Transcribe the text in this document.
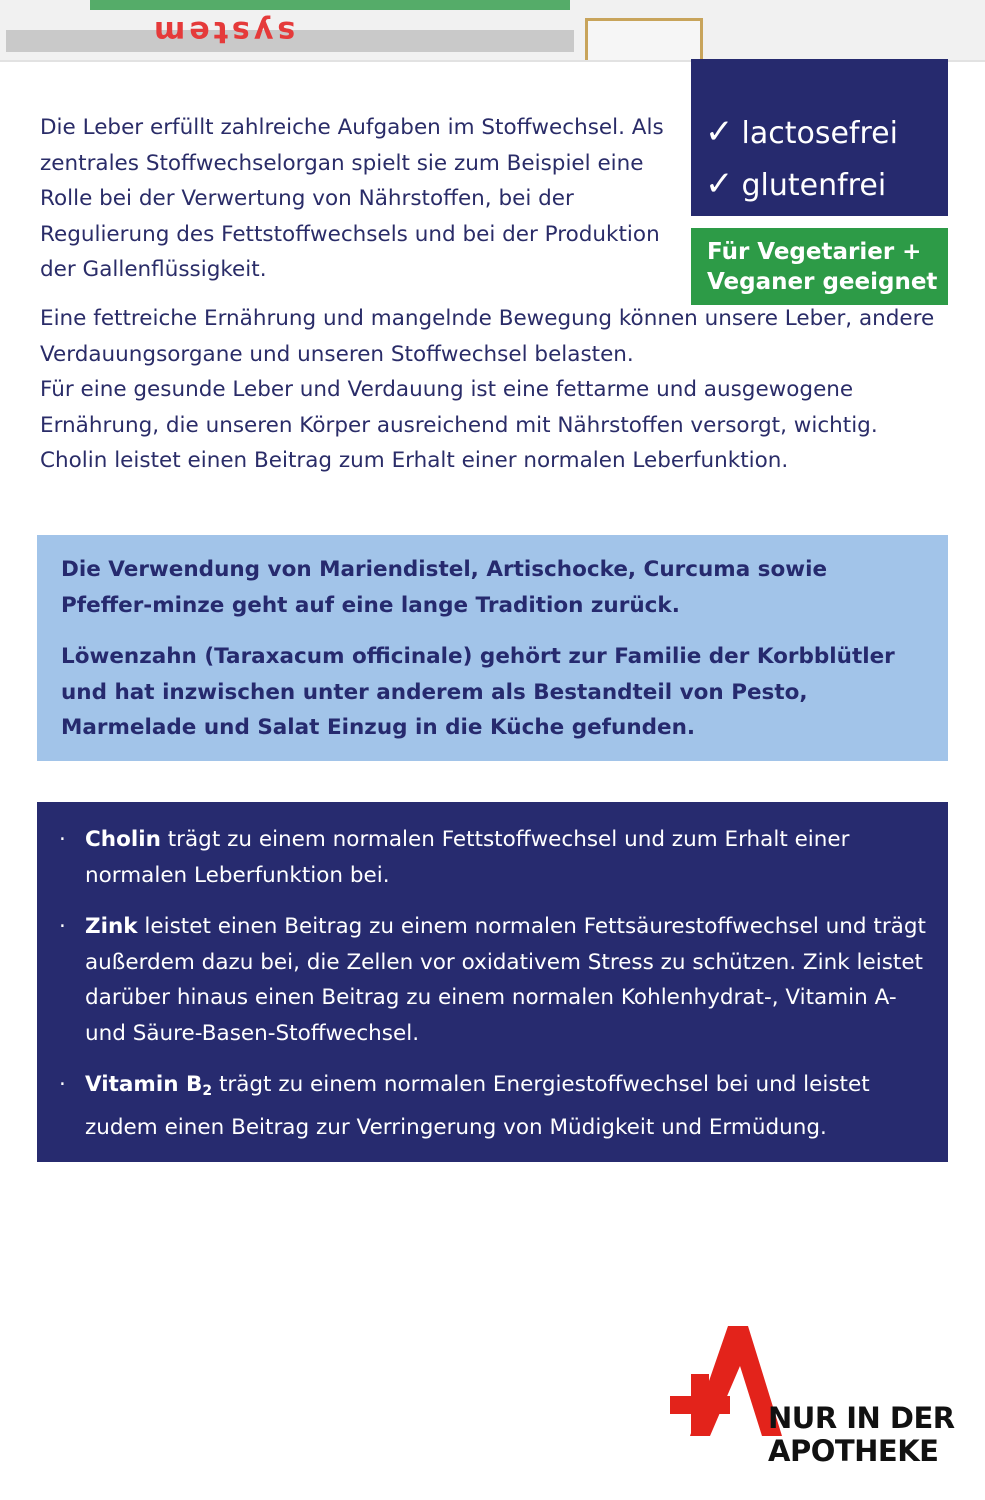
system

Die Leber erfüllt zahlreiche Aufgaben im Stoffwechsel. Als zentrales Stoffwechselorgan spielt sie zum Beispiel eine Rolle bei der Verwertung von Nährstoffen, bei der Regulierung des Fettstoffwechsels und bei der Produktion der Gallenflüssigkeit.

Eine fettreiche Ernährung und mangelnde Bewegung können unsere Leber, andere Verdauungsorgane und unseren Stoffwechsel belasten.

Für eine gesunde Leber und Verdauung ist eine fettarme und ausgewogene Ernährung, die unseren Körper ausreichend mit Nährstoffen versorgt, wichtig. Cholin leistet einen Beitrag zum Erhalt einer normalen Leberfunktion.

✓ lactosefrei
✓ glutenfrei
Für Vegetarier +
Veganer geeignet

Die Verwendung von Mariendistel, Artischocke, Curcuma sowie Pfeffer-minze geht auf eine lange Tradition zurück.

Löwenzahn (Taraxacum officinale) gehört zur Familie der Korbblütler und hat inzwischen unter anderem als Bestandteil von Pesto, Marmelade und Salat Einzug in die Küche gefunden.

· Cholin trägt zu einem normalen Fettstoffwechsel und zum Erhalt einer normalen Leberfunktion bei.
· Zink leistet einen Beitrag zu einem normalen Fettsäurestoffwechsel und trägt außerdem dazu bei, die Zellen vor oxidativem Stress zu schützen. Zink leistet darüber hinaus einen Beitrag zu einem normalen Kohlenhydrat-, Vitamin A- und Säure-Basen-Stoffwechsel.
· Vitamin $B_2$ trägt zu einem normalen Energiestoffwechsel bei und leistet zudem einen Beitrag zur Verringerung von Müdigkeit und Ermüdung.
NUR IN DER
APOTHEKE
